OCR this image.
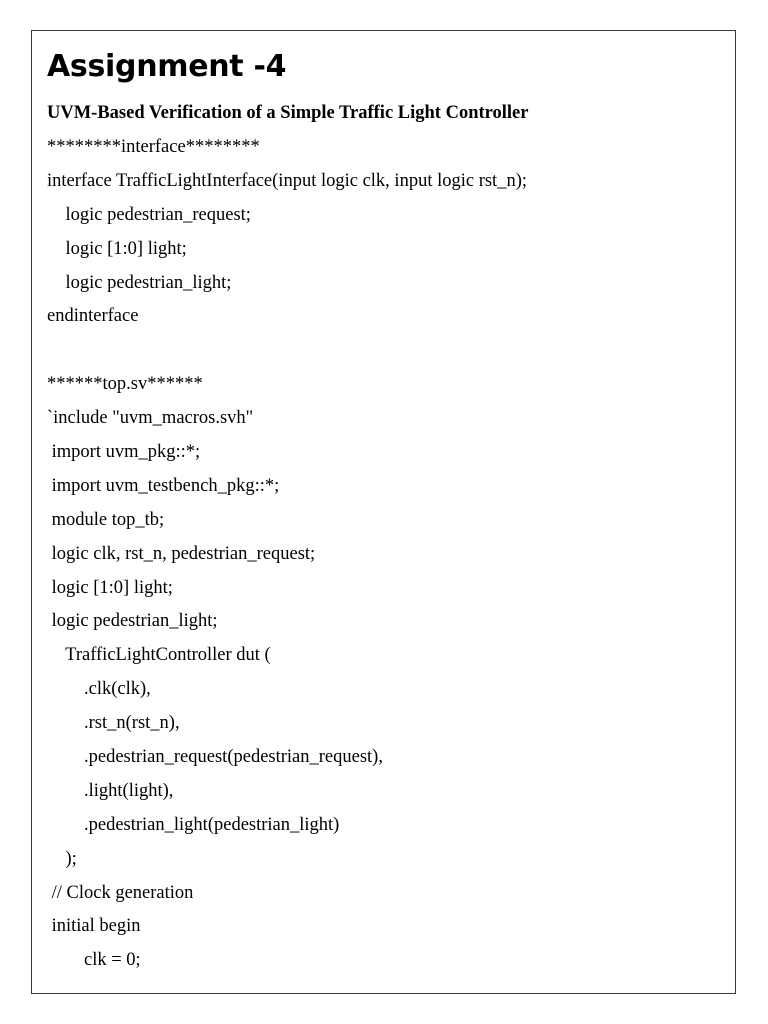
Assignment -4
UVM-Based Verification of a Simple Traffic Light Controller
********interface********
interface TrafficLightInterface(input logic clk, input logic rst_n);
logic pedestrian_request;
logic [1:0] light;
logic pedestrian_light;
endinterface
******top.sv******
`include "uvm_macros.svh"
import uvm_pkg::*;
import uvm_testbench_pkg::*;
module top_tb;
logic clk, rst_n, pedestrian_request;
logic [1:0] light;
logic pedestrian_light;
TrafficLightController dut (
.clk(clk),
.rst_n(rst_n),
.pedestrian_request(pedestrian_request),
.light(light),
.pedestrian_light(pedestrian_light)
);
// Clock generation
initial begin
clk = 0;
